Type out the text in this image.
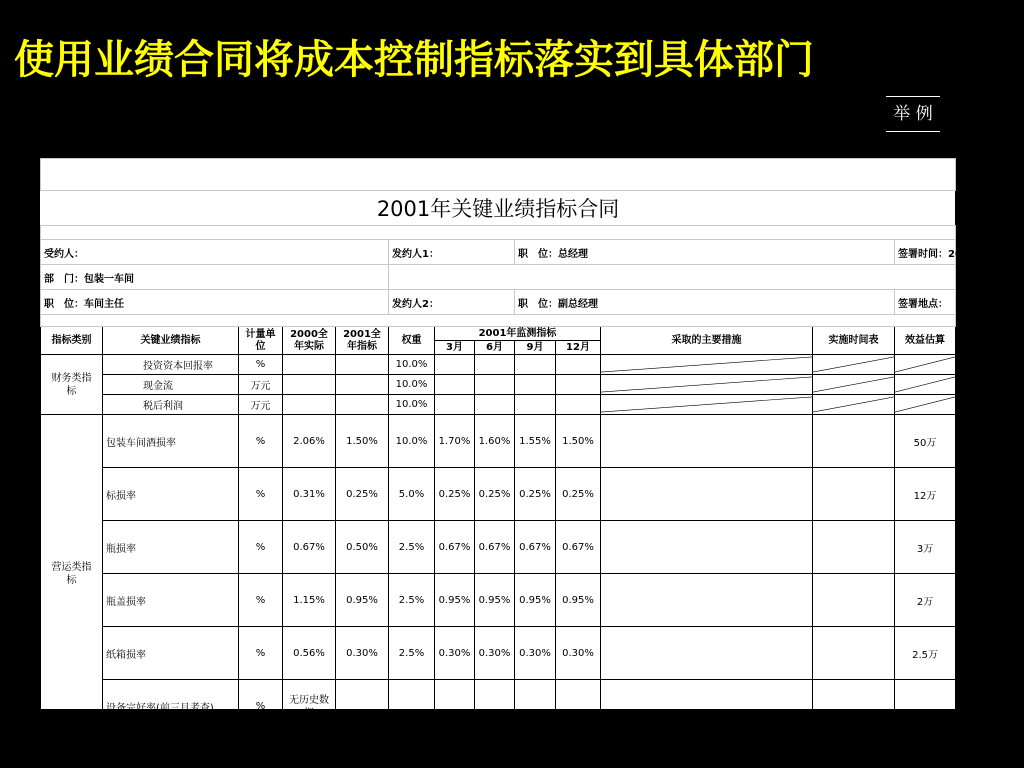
使用业绩合同将成本控制指标落实到具体部门
举 例

2001年关键业绩指标合同												

受约人：					发约人1：			职　位：总经理				签署时间：2001年1月
部　门：包装一车间												
职　位：车间主任					发约人2：			职　位：副总经理				签署地点：

指标类别	关键业绩指标	计量单位	2000全年实际	2001全年指标	权重	2001年监测指标				采取的主要措施	实施时间表	效益估算
						3月	6月	9月	12月			
财务类指　标	投资资本回报率	%			10.0%					

	现金流	万元			10.0%					

	税后利润	万元			10.0%					

营运类指　标	包装车间酒损率	%	2.06%	1.50%	10.0%	1.70%	1.60%	1.55%	1.50%			50万
	标损率	%	0.31%	0.25%	5.0%	0.25%	0.25%	0.25%	0.25%			12万
	瓶损率	%	0.67%	0.50%	2.5%	0.67%	0.67%	0.67%	0.67%			3万
	瓶盖损率	%	1.15%	0.95%	2.5%	0.95%	0.95%	0.95%	0.95%			2万
	纸箱损率	%	0.56%	0.30%	2.5%	0.30%	0.30%	0.30%	0.30%			2.5万
	设备完好率(前三月考查)	%	无历史数据									
